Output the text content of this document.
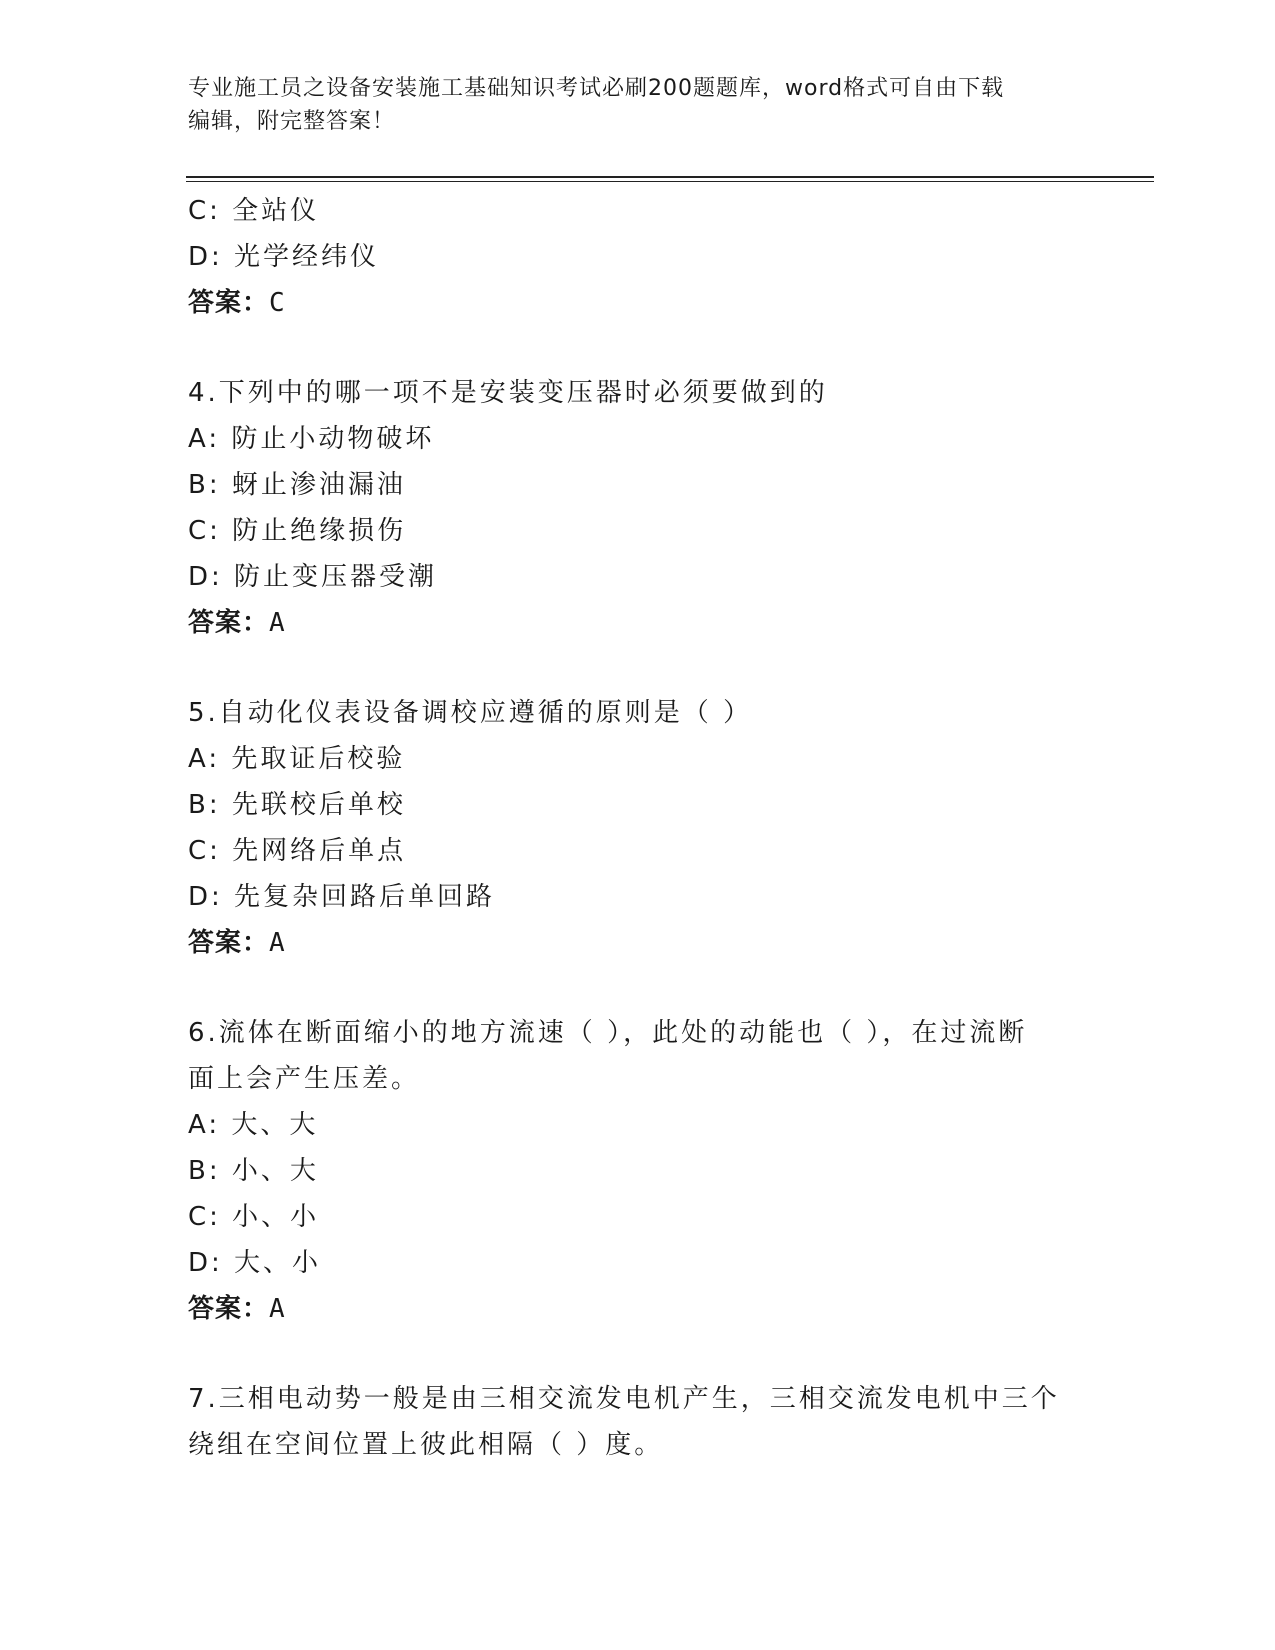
专业施工员之设备安装施工基础知识考试必刷200题题库，word格式可自由下载
编辑，附完整答案！
C: 全站仪
D: 光学经纬仪
答案：C
4.下列中的哪一项不是安装变压器时必须要做到的
A: 防止小动物破坏
B: 蚜止渗油漏油
C: 防止绝缘损伤
D: 防止变压器受潮
答案：A
5.自动化仪表设备调校应遵循的原则是（ ）
A: 先取证后校验
B: 先联校后单校
C: 先网络后单点
D: 先复杂回路后单回路
答案：A
6.流体在断面缩小的地方流速（ ），此处的动能也（ ），在过流断
面上会产生压差。
A: 大、大
B: 小、大
C: 小、小
D: 大、小
答案：A
7.三相电动势一般是由三相交流发电机产生，三相交流发电机中三个
绕组在空间位置上彼此相隔（ ）度。
